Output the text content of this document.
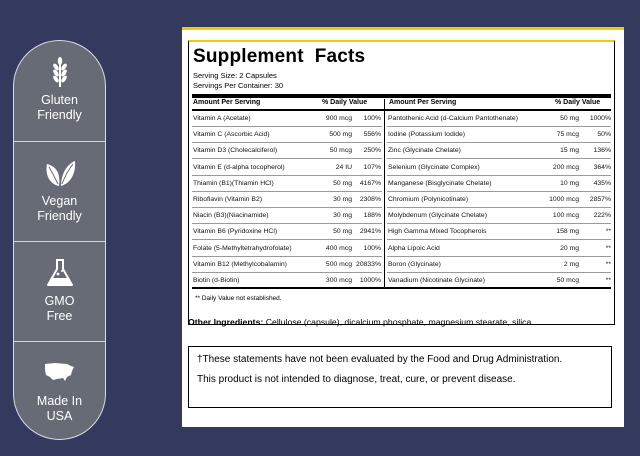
Gluten
Friendly
Vegan
Friendly
GMO
Free
Made In
USA
Supplement  Facts
Serving Size: 2 Capsules
Servings Per Container: 30
Amount Per Serving	% Daily Value	Amount Per Serving	% Daily Value
Vitamin A (Acetate)	900 mcg 100%
Vitamin C (Ascorbic Acid)	500 mg 556%
Vitamin D3 (Cholecalciferol)	50 mcg 250%
Vitamin E (d-alpha tocopherol)	24 IU 107%
Thiamin (B1)(Thiamin HCl)	50 mg 4167%
Riboflavin (Vitamin B2)	30 mg 2308%
Niacin (B3)(Niacinamide)	30 mg 188%
Vitamin B6 (Pyridoxine HCl)	50 mg 2941%
Folate (5-Methyltetrahydrofolate)	400 mcg 100%
Vitamin B12 (Methylcobalamin)	500 mcg 20833%
Biotin (d-Biotin)	300 mcg 1000%
Pantothenic Acid (d-Calcium Pantothenate)	50 mg 1000%
Iodine (Potassium Iodide)	75 mcg	50%
Zinc (Glycinate Chelate)	15 mg 136%
Selenium (Glycinate Complex)	200 mcg 364%
Manganese (Bisglycinate Chelate)	10 mg 435%
Chromium (Polynicotinate)	1000 mcg 2857%
Molybdenum (Glycinate Chelate)	100 mcg 222%
High Gamma Mixed Tocopherols	158 mg	**
Alpha Lipoic Acid	20 mg	**
Boron (Glycinate)	2 mg	**
Vanadium (Nicotinate Glycinate)	50 mcg	**
** Daily Value not established.
Other Ingredients: Cellulose (capsule), dicalcium phosphate, magnesium stearate, silica.

†These statements have not been evaluated by the Food and Drug Administration.

This product is not intended to diagnose, treat, cure, or prevent disease.
